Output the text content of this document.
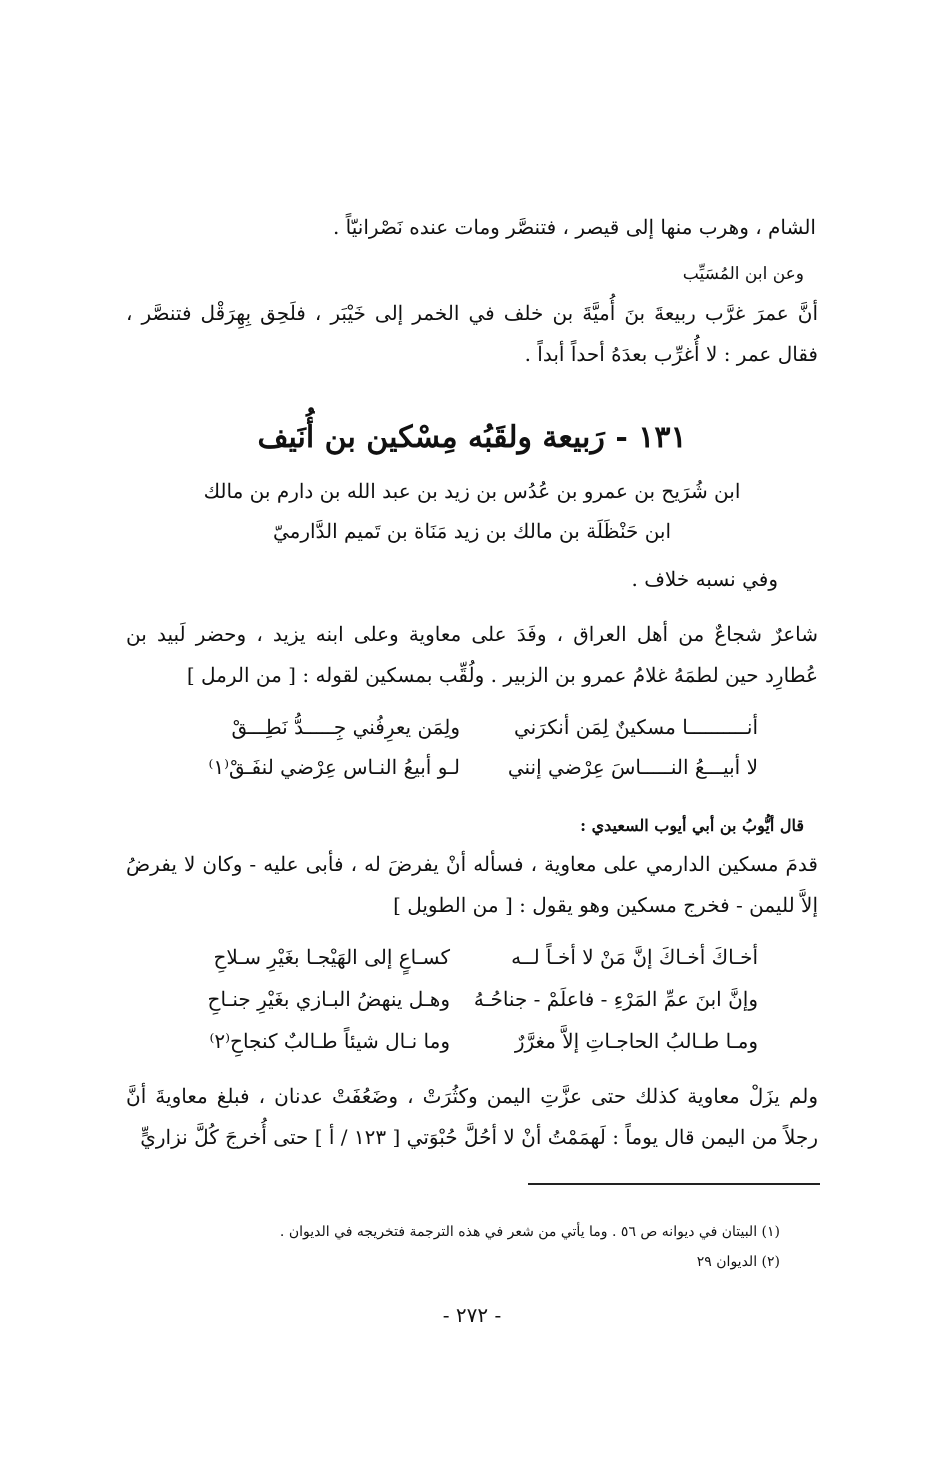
الشام ، وهرب منها إلى قيصر ، فتنصَّر ومات عنده نَصْرانيّاً .
وعن ابن المُسَيِّب
أنَّ عمرَ غرَّب ربيعةَ بنَ أُميَّةَ بن خلف في الخمر إلى خَيْبَر ، فلَحِق بِهِرَقْل فتنصَّر ، فقال عمر : لا أُغرِّب بعدَهُ أحداً أبداً .
١٣١ - رَبيعة ولقَبُه مِسْكين بن أُنَيف
ابن شُرَيح بن عمرو بن عُدُس بن زيد بن عبد الله بن دارم بن مالك
ابن حَنْظَلَة بن مالك بن زيد مَنَاة بن تَميم الدَّارميّ
وفي نسبه خلاف .
شاعرٌ شجاعٌ من أهل العراق ، وفَدَ على معاوية وعلى ابنه يزيد ، وحضر لَبيد بن عُطارِد حين لطمَهُ غلامُ عمرو بن الزبير . ولُقِّب بمسكين لقوله : [ من الرمل ]
أنــــــــــا مسكينٌ لِمَن أنكرَني
ولِمَن يعرِفُني جِـــــدُّ نَطِـــقْ
لا أبيـــعُ النـــــاسَ عِرْضي إنني
لـو أبيعُ النـاس عِرْضي لنفَـقْ⁽١⁾
قال أيُّوبُ بن أبي أيوب السعيدي :
قدمَ مسكين الدارمي على معاوية ، فسأله أنْ يفرضَ له ، فأبى عليه - وكان لا يفرضُ إلاَّ لليمن - فخرج مسكين وهو يقول : [ من الطويل ]
أخـاكَ أخـاكَ إنَّ مَنْ لا أخـاً لــه
كسـاعٍ إلى الهَيْجـا بغَيْرِ سـلاحِ
وإنَّ ابنَ عمِّ المَرْءِ - فاعلَمْ - جناحُـهُ
وهـل ينهضُ البـازي بغَيْرِ جنـاحِ
ومـا طـالبُ الحاجـاتِ إلاَّ مغرَّرٌ
وما نـال شيئاً طـالبٌ كنجاحِ⁽٢⁾
ولم يزَلْ معاوية كذلك حتى عزَّتِ اليمن وكثُرَتْ ، وضَعُفَتْ عدنان ، فبلغ معاويةَ أنَّ رجلاً من اليمن قال يوماً : لَهمَمْتُ أنْ لا أحُلَّ حُبْوَتي [ ١٢٣ / أ ] حتى أُخرجَ كُلَّ نزاريٍّ
(١) البيتان في ديوانه ص ٥٦ . وما يأتي من شعر في هذه الترجمة فتخريجه في الديوان .
(٢) الديوان ٢٩
- ٢٧٢ -
